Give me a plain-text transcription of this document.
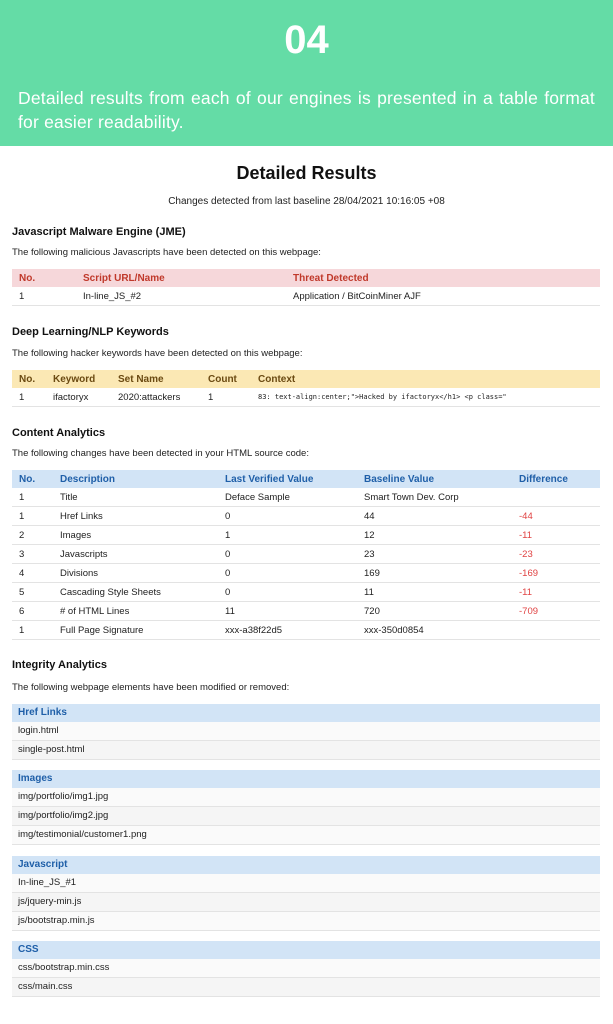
04
Detailed results from each of our engines is presented in a table format for easier readability.
Detailed Results
Changes detected from last baseline 28/04/2021 10:16:05 +08
Javascript Malware Engine (JME)
The following malicious Javascripts have been detected on this webpage:
No.	Script URL/Name	Threat Detected
1	In-line_JS_#2	Application / BitCoinMiner AJF
Deep Learning/NLP Keywords
The following hacker keywords have been detected on this webpage:
No.	Keyword	Set Name	Count	Context
1	ifactoryx	2020:attackers	1	83: text-align:center;">Hacked by ifactoryx</h1> <p class="
Content Analytics
The following changes have been detected in your HTML source code:
No.	Description	Last Verified Value	Baseline Value	Difference
1	Title	Deface Sample	Smart Town Dev. Corp	
1	Href Links	0	44	-44
2	Images	1	12	-11
3	Javascripts	0	23	-23
4	Divisions	0	169	-169
5	Cascading Style Sheets	0	11	-11
6	# of HTML Lines	11	720	-709
1	Full Page Signature	xxx-a38f22d5	xxx-350d0854	
Integrity Analytics
The following webpage elements have been modified or removed:
Href Links
login.html
single-post.html
Images
img/portfolio/img1.jpg
img/portfolio/img2.jpg
img/testimonial/customer1.png
Javascript
In-line_JS_#1
js/jquery-min.js
js/bootstrap.min.js
CSS
css/bootstrap.min.css
css/main.css
